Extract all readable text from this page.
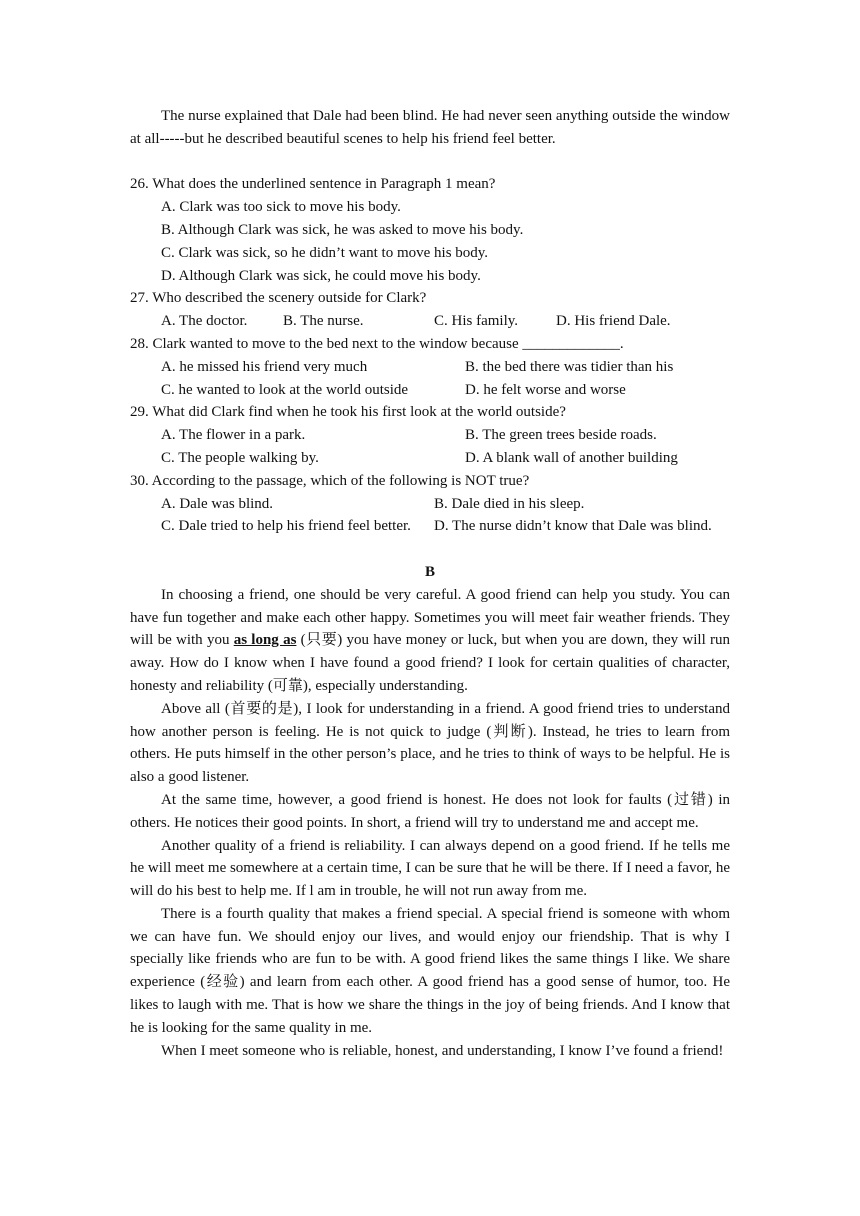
The nurse explained that Dale had been blind. He had never seen anything outside the window at all-----but he described beautiful scenes to help his friend feel better.

26. What does the underlined sentence in Paragraph 1 mean?
A. Clark was too sick to move his body.
B. Although Clark was sick, he was asked to move his body.
C. Clark was sick, so he didn’t want to move his body.
D. Although Clark was sick, he could move his body.
27. Who described the scenery outside for Clark?
A. The doctor.	B. The nurse.	C. His family.	D. His friend Dale.
28. Clark wanted to move to the bed next to the window because _____________.
A. he missed his friend very much	B. the bed there was tidier than his
C. he wanted to look at the world outside	D. he felt worse and worse
29. What did Clark find when he took his first look at the world outside?
A. The flower in a park.	B. The green trees beside roads.
C. The people walking by.	D. A blank wall of another building
30. According to the passage, which of the following is NOT true?
A. Dale was blind.	B. Dale died in his sleep.
C. Dale tried to help his friend feel better.	D. The nurse didn’t know that Dale was blind.
B

In choosing a friend, one should be very careful. A good friend can help you study. You can have fun together and make each other happy. Sometimes you will meet fair weather friends. They will be with you as long as (只要) you have money or luck, but when you are down, they will run away. How do I know when I have found a good friend? I look for certain qualities of character, honesty and reliability (可靠), especially understanding.

Above all (首要的是), I look for understanding in a friend. A good friend tries to understand how another person is feeling. He is not quick to judge (判断). Instead, he tries to learn from others. He puts himself in the other person’s place, and he tries to think of ways to be helpful. He is also a good listener.

At the same time, however, a good friend is honest. He does not look for faults (过错) in others. He notices their good points. In short, a friend will try to understand me and accept me.

Another quality of a friend is reliability. I can always depend on a good friend. If he tells me he will meet me somewhere at a certain time, I can be sure that he will be there. If I need a favor, he will do his best to help me. If l am in trouble, he will not run away from me.

There is a fourth quality that makes a friend special. A special friend is someone with whom we can have fun. We should enjoy our lives, and would enjoy our friendship. That is why I specially like friends who are fun to be with. A good friend likes the same things I like. We share experience (经验) and learn from each other. A good friend has a good sense of humor, too. He likes to laugh with me. That is how we share the things in the joy of being friends. And I know that he is looking for the same quality in me.

When I meet someone who is reliable, honest, and understanding, I know I’ve found a friend!
